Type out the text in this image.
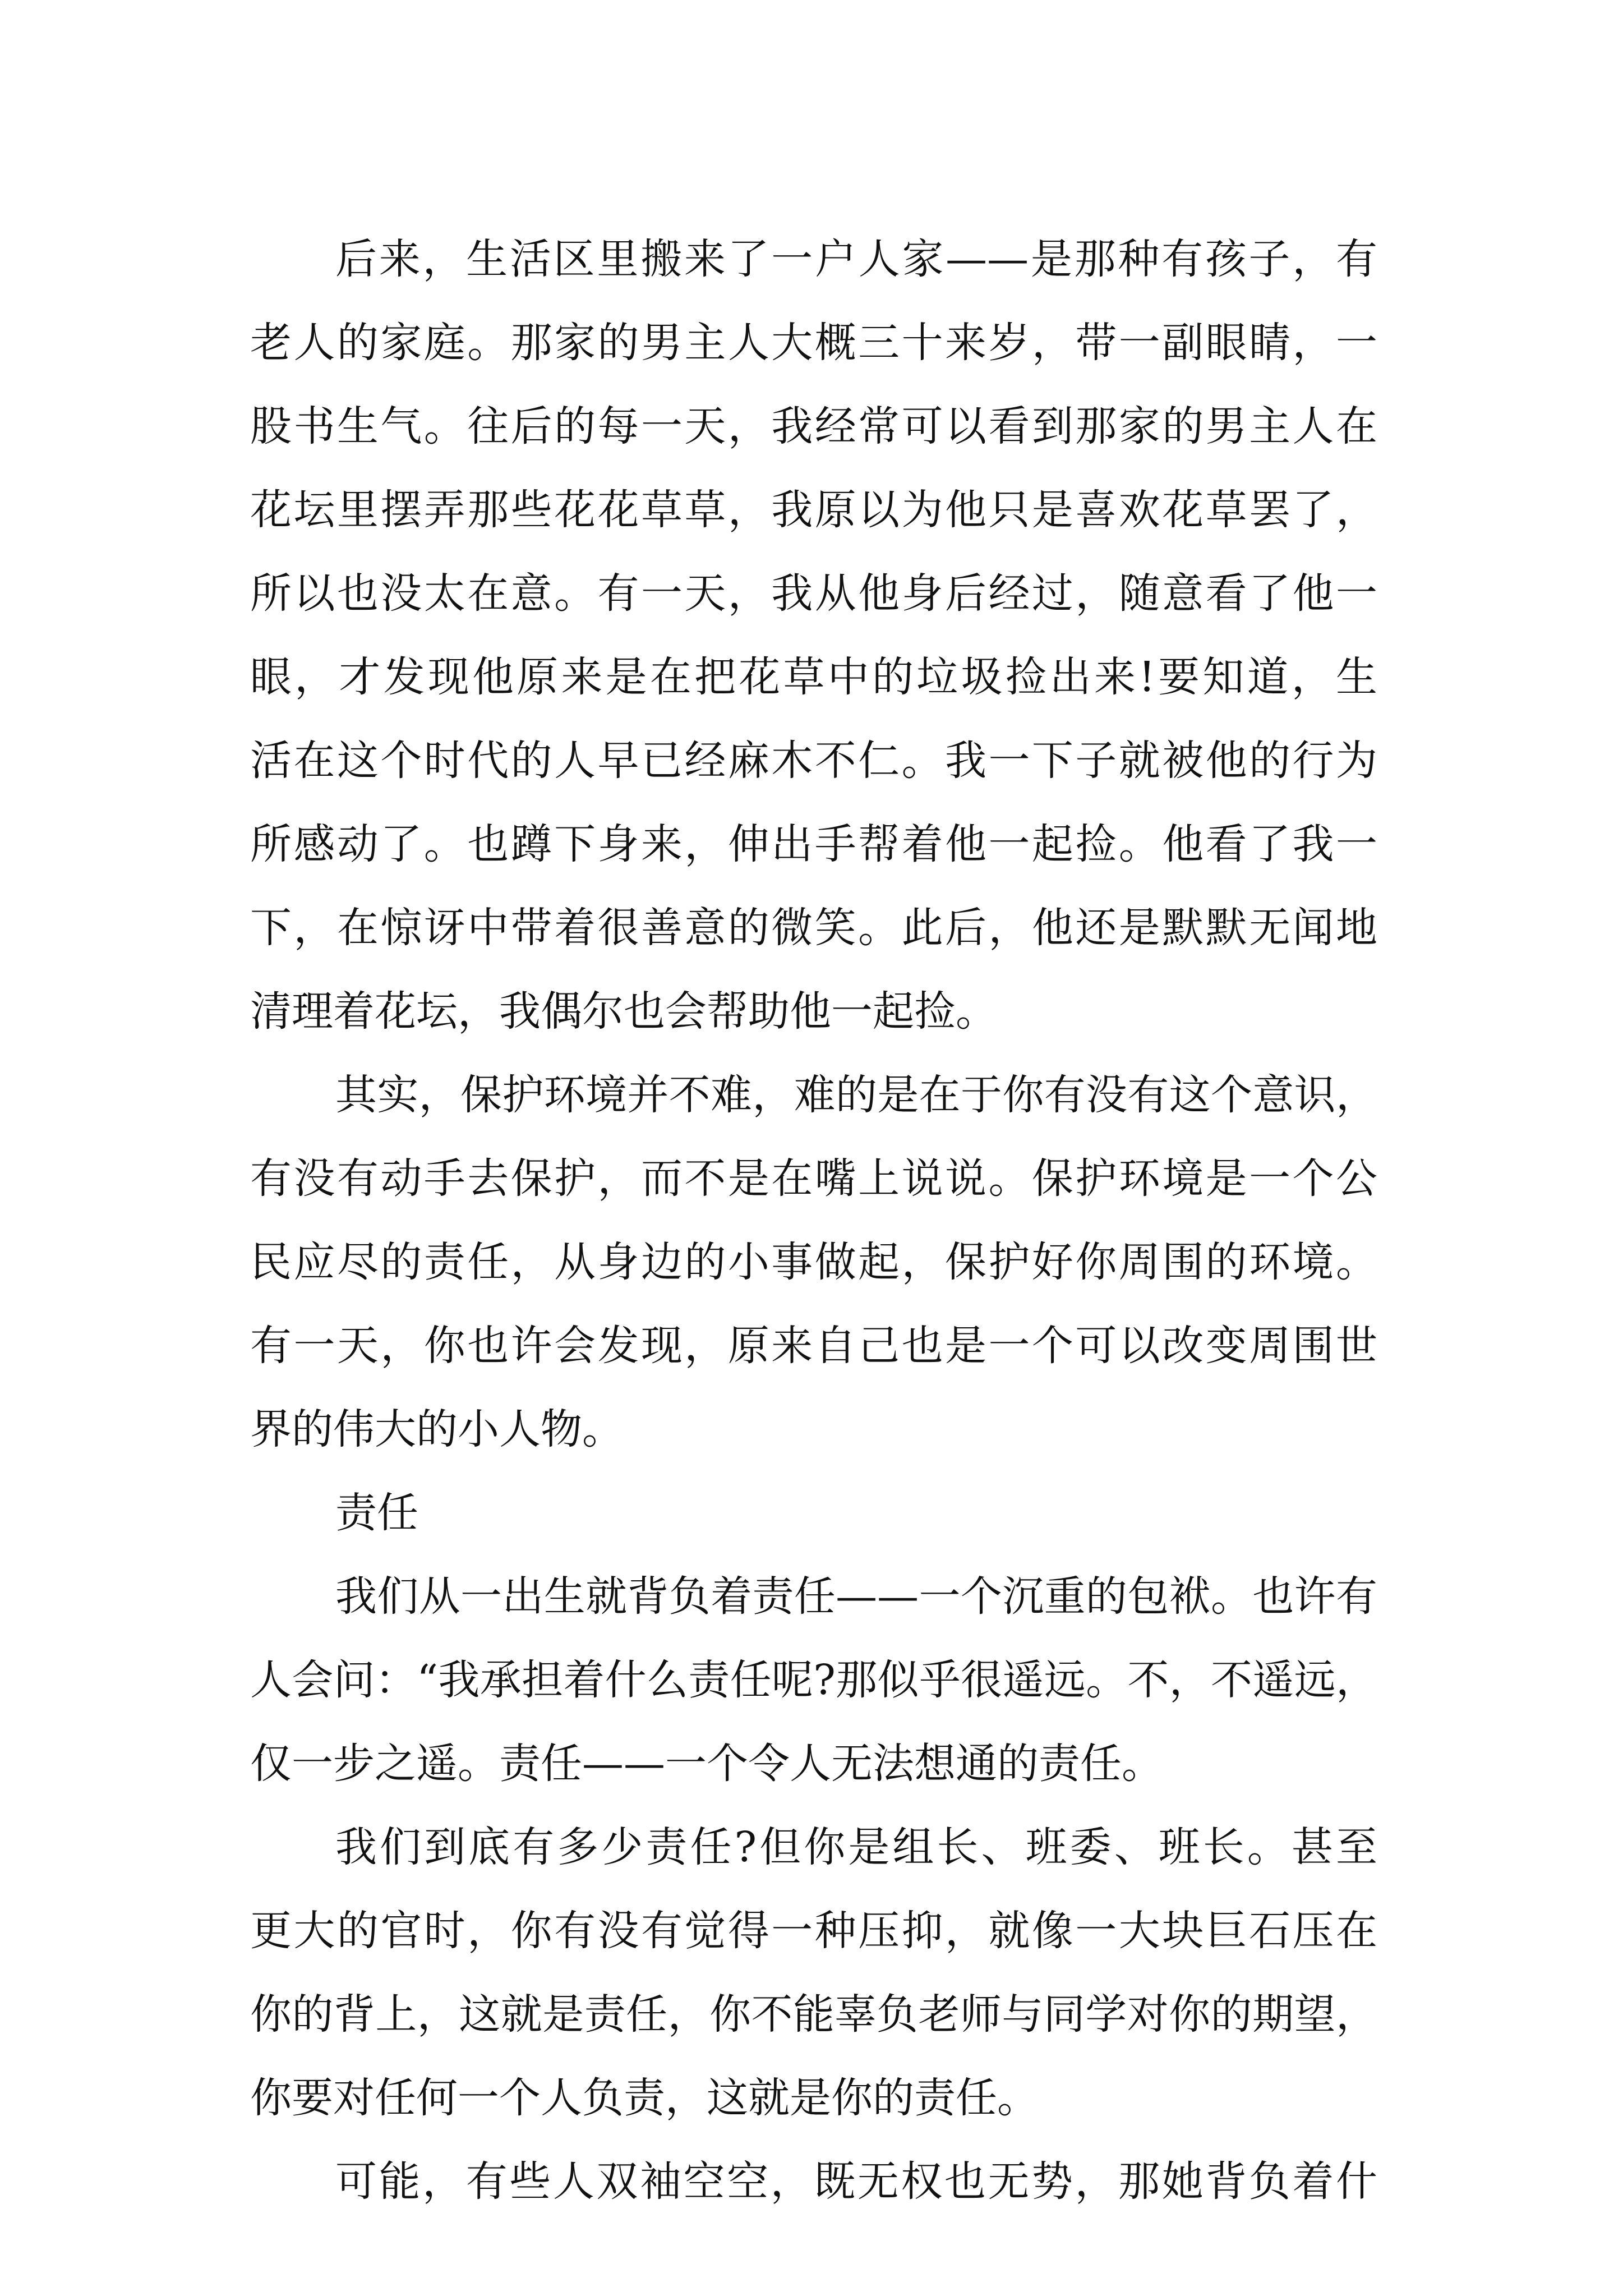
后来，生活区里搬来了一户人家——是那种有孩子，有
老人的家庭。那家的男主人大概三十来岁，带一副眼睛，一
股书生气。往后的每一天，我经常可以看到那家的男主人在
花坛里摆弄那些花花草草，我原以为他只是喜欢花草罢了，
所以也没太在意。有一天，我从他身后经过，随意看了他一
眼，才发现他原来是在把花草中的垃圾捡出来!要知道，生
活在这个时代的人早已经麻木不仁。我一下子就被他的行为
所感动了。也蹲下身来，伸出手帮着他一起捡。他看了我一
下，在惊讶中带着很善意的微笑。此后，他还是默默无闻地
清理着花坛，我偶尔也会帮助他一起捡。
其实，保护环境并不难，难的是在于你有没有这个意识，
有没有动手去保护，而不是在嘴上说说。保护环境是一个公
民应尽的责任，从身边的小事做起，保护好你周围的环境。
有一天，你也许会发现，原来自己也是一个可以改变周围世
界的伟大的小人物。
责任
我们从一出生就背负着责任——一个沉重的包袱。也许有
人会问：“我承担着什么责任呢?那似乎很遥远。不，不遥远，
仅一步之遥。责任——一个令人无法想通的责任。
我们到底有多少责任?但你是组长、班委、班长。甚至
更大的官时，你有没有觉得一种压抑，就像一大块巨石压在
你的背上，这就是责任，你不能辜负老师与同学对你的期望，
你要对任何一个人负责，这就是你的责任。
可能，有些人双袖空空，既无权也无势，那她背负着什
